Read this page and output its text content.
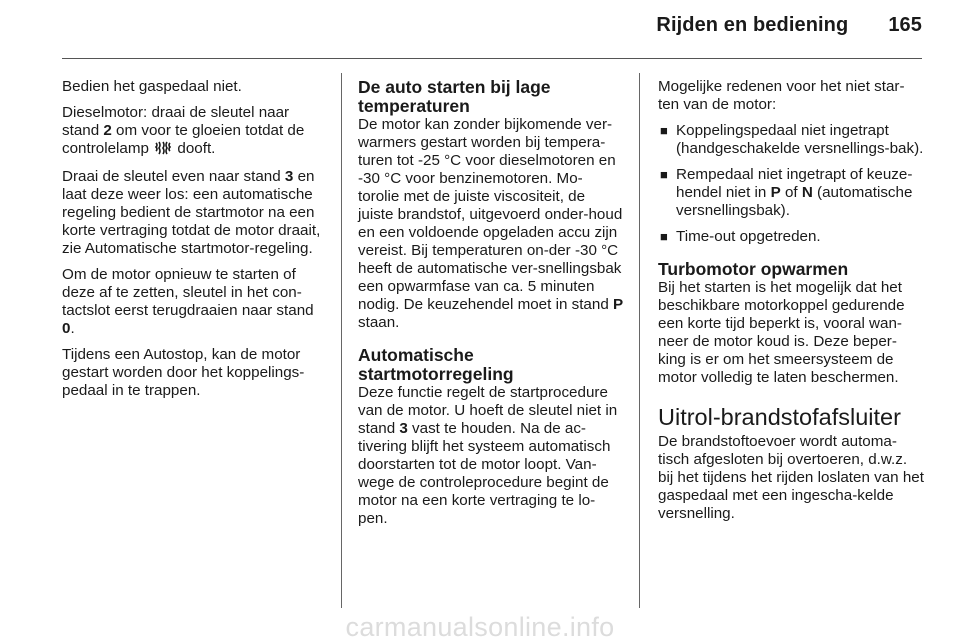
Rijden en bediening 165

Bedien het gaspedaal niet.

Dieselmotor: draai de sleutel naar stand 2 om voor te gloeien totdat de controlelamp  dooft.

Draai de sleutel even naar stand 3 en laat deze weer los: een automatische regeling bedient de startmotor na een korte vertraging totdat de motor draait, zie Automatische startmotor-regeling.

Om de motor opnieuw te starten of deze af te zetten, sleutel in het con-tactslot eerst terugdraaien naar stand 0.

Tijdens een Autostop, kan de motor gestart worden door het koppelings-pedaal in te trappen.

De auto starten bij lage temperaturen

De motor kan zonder bijkomende ver-warmers gestart worden bij tempera-turen tot -25 °C voor dieselmotoren en -30 °C voor benzinemotoren. Mo-torolie met de juiste viscositeit, de juiste brandstof, uitgevoerd onder-houd en een voldoende opgeladen accu zijn vereist. Bij temperaturen on-der -30 °C heeft de automatische ver-snellingsbak een opwarmfase van ca. 5 minuten nodig. De keuzehendel moet in stand P staan.

Automatische startmotorregeling

Deze functie regelt de startprocedure van de motor. U hoeft de sleutel niet in stand 3 vast te houden. Na de ac-tivering blijft het systeem automatisch doorstarten tot de motor loopt. Van-wege de controleprocedure begint de motor na een korte vertraging te lo-pen.

Mogelijke redenen voor het niet star-ten van de motor:

■ Koppelingspedaal niet ingetrapt (handgeschakelde versnellings-bak).
■ Rempedaal niet ingetrapt of keuze-hendel niet in P of N (automatische versnellingsbak).
■ Time-out opgetreden.
Turbomotor opwarmen

Bij het starten is het mogelijk dat het beschikbare motorkoppel gedurende een korte tijd beperkt is, vooral wan-neer de motor koud is. Deze beper-king is er om het smeersysteem de motor volledig te laten beschermen.

Uitrol-brandstofafsluiter

De brandstoftoevoer wordt automa-tisch afgesloten bij overtoeren, d.w.z. bij het tijdens het rijden loslaten van het gaspedaal met een ingescha-kelde versnelling.

carmanualsonline.info
